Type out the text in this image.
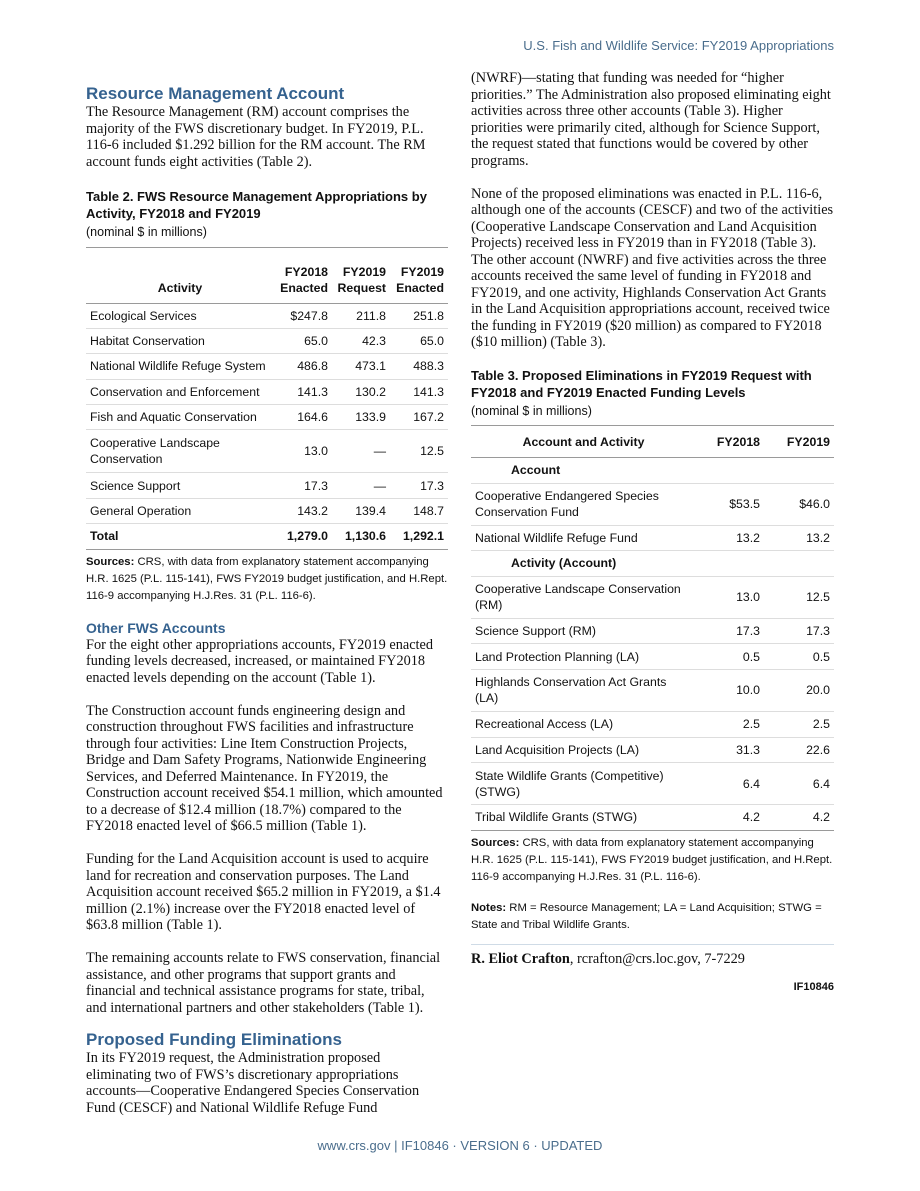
U.S. Fish and Wildlife Service: FY2019 Appropriations
Resource Management Account

The Resource Management (RM) account comprises the majority of the FWS discretionary budget. In FY2019, P.L. 116-6 included $1.292 billion for the RM account. The RM account funds eight activities (Table 2).

Table 2. FWS Resource Management Appropriations by Activity, FY2018 and FY2019

(nominal $ in millions)

Activity	FY2018 Enacted	FY2019 Request	FY2019 Enacted
Ecological Services	$247.8	211.8	251.8
Habitat Conservation	65.0	42.3	65.0
National Wildlife Refuge System	486.8	473.1	488.3
Conservation and Enforcement	141.3	130.2	141.3
Fish and Aquatic Conservation	164.6	133.9	167.2
Cooperative Landscape Conservation	13.0	—	12.5
Science Support	17.3	—	17.3
General Operation	143.2	139.4	148.7
Total	1,279.0	1,130.6	1,292.1

Sources: CRS, with data from explanatory statement accompanying H.R. 1625 (P.L. 115-141), FWS FY2019 budget justification, and H.Rept. 116-9 accompanying H.J.Res. 31 (P.L. 116-6).

Other FWS Accounts

For the eight other appropriations accounts, FY2019 enacted funding levels decreased, increased, or maintained FY2018 enacted levels depending on the account (Table 1).

The Construction account funds engineering design and construction throughout FWS facilities and infrastructure through four activities: Line Item Construction Projects, Bridge and Dam Safety Programs, Nationwide Engineering Services, and Deferred Maintenance. In FY2019, the Construction account received $54.1 million, which amounted to a decrease of $12.4 million (18.7%) compared to the FY2018 enacted level of $66.5 million (Table 1).

Funding for the Land Acquisition account is used to acquire land for recreation and conservation purposes. The Land Acquisition account received $65.2 million in FY2019, a $1.4 million (2.1%) increase over the FY2018 enacted level of $63.8 million (Table 1).

The remaining accounts relate to FWS conservation, financial assistance, and other programs that support grants and financial and technical assistance programs for state, tribal, and international partners and other stakeholders (Table 1).

Proposed Funding Eliminations

In its FY2019 request, the Administration proposed eliminating two of FWS’s discretionary appropriations accounts—Cooperative Endangered Species Conservation Fund (CESCF) and National Wildlife Refuge Fund

(NWRF)—stating that funding was needed for “higher priorities.” The Administration also proposed eliminating eight activities across three other accounts (Table 3). Higher priorities were primarily cited, although for Science Support, the request stated that functions would be covered by other programs.

None of the proposed eliminations was enacted in P.L. 116-6, although one of the accounts (CESCF) and two of the activities (Cooperative Landscape Conservation and Land Acquisition Projects) received less in FY2019 than in FY2018 (Table 3). The other account (NWRF) and five activities across the three accounts received the same level of funding in FY2018 and FY2019, and one activity, Highlands Conservation Act Grants in the Land Acquisition appropriations account, received twice the funding in FY2019 ($20 million) as compared to FY2018 ($10 million) (Table 3).

Table 3. Proposed Eliminations in FY2019 Request with FY2018 and FY2019 Enacted Funding Levels

(nominal $ in millions)

Account and Activity	FY2018	FY2019
Account		
Cooperative Endangered Species Conservation Fund	$53.5	$46.0
National Wildlife Refuge Fund	13.2	13.2
Activity (Account)		
Cooperative Landscape Conservation (RM)	13.0	12.5
Science Support (RM)	17.3	17.3
Land Protection Planning (LA)	0.5	0.5
Highlands Conservation Act Grants (LA)	10.0	20.0
Recreational Access (LA)	2.5	2.5
Land Acquisition Projects (LA)	31.3	22.6
State Wildlife Grants (Competitive) (STWG)	6.4	6.4
Tribal Wildlife Grants (STWG)	4.2	4.2

Sources: CRS, with data from explanatory statement accompanying H.R. 1625 (P.L. 115-141), FWS FY2019 budget justification, and H.Rept. 116-9 accompanying H.J.Res. 31 (P.L. 116-6).

Notes: RM = Resource Management; LA = Land Acquisition; STWG = State and Tribal Wildlife Grants.

R. Eliot Crafton, rcrafton@crs.loc.gov, 7-7229

IF10846
www.crs.gov | IF10846 · VERSION 6 · UPDATED
